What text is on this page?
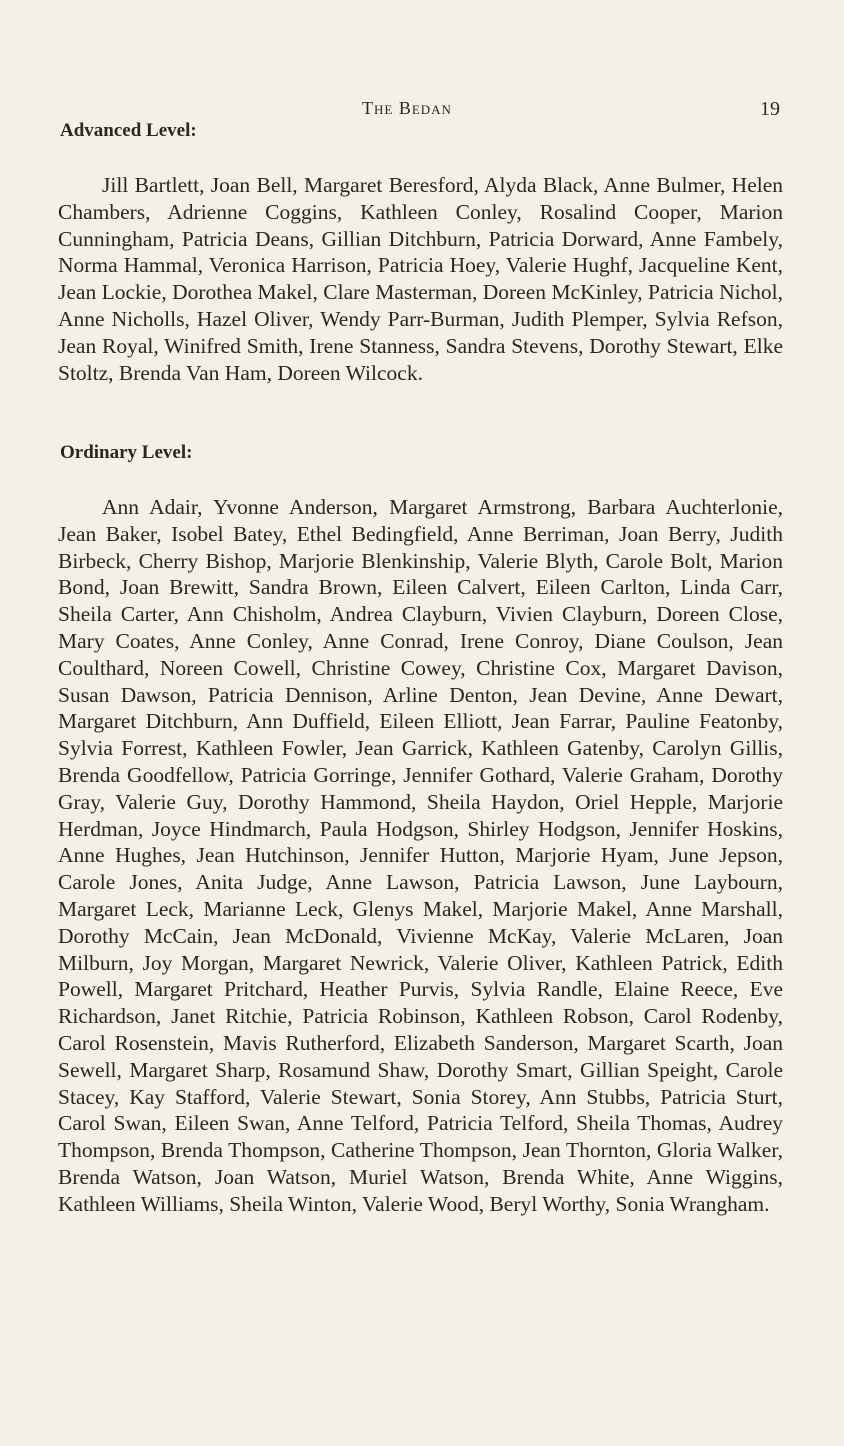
The Bedan	19
Advanced Level:

Jill Bartlett, Joan Bell, Margaret Beresford, Alyda Black, Anne Bulmer, Helen Chambers, Adrienne Coggins, Kathleen Conley, Rosalind Cooper, Marion Cunningham, Patricia Deans, Gillian Ditchburn, Patricia Dorward, Anne Fambely, Norma Hammal, Veronica Harrison, Patricia Hoey, Valerie Hughf, Jacqueline Kent, Jean Lockie, Dorothea Makel, Clare Masterman, Doreen McKinley, Patricia Nichol, Anne Nicholls, Hazel Oliver, Wendy Parr-Burman, Judith Plemper, Sylvia Refson, Jean Royal, Winifred Smith, Irene Stanness, Sandra Stevens, Dorothy Stewart, Elke Stoltz, Brenda Van Ham, Doreen Wilcock.

Ordinary Level:

Ann Adair, Yvonne Anderson, Margaret Armstrong, Barbara Auchterlonie, Jean Baker, Isobel Batey, Ethel Bedingfield, Anne Berriman, Joan Berry, Judith Birbeck, Cherry Bishop, Marjorie Blenkinship, Valerie Blyth, Carole Bolt, Marion Bond, Joan Brewitt, Sandra Brown, Eileen Calvert, Eileen Carlton, Linda Carr, Sheila Carter, Ann Chisholm, Andrea Clayburn, Vivien Clayburn, Doreen Close, Mary Coates, Anne Conley, Anne Conrad, Irene Conroy, Diane Coulson, Jean Coulthard, Noreen Cowell, Christine Cowey, Christine Cox, Margaret Davison, Susan Dawson, Patricia Dennison, Arline Denton, Jean Devine, Anne Dewart, Margaret Ditchburn, Ann Duffield, Eileen Elliott, Jean Farrar, Pauline Featonby, Sylvia Forrest, Kathleen Fowler, Jean Garrick, Kathleen Gatenby, Carolyn Gillis, Brenda Goodfellow, Patricia Gorringe, Jennifer Gothard, Valerie Graham, Dorothy Gray, Valerie Guy, Dorothy Hammond, Sheila Haydon, Oriel Hepple, Marjorie Herdman, Joyce Hindmarch, Paula Hodgson, Shirley Hodgson, Jennifer Hoskins, Anne Hughes, Jean Hutchinson, Jennifer Hutton, Marjorie Hyam, June Jepson, Carole Jones, Anita Judge, Anne Lawson, Patricia Lawson, June Laybourn, Margaret Leck, Marianne Leck, Glenys Makel, Marjorie Makel, Anne Marshall, Dorothy McCain, Jean McDonald, Vivienne McKay, Valerie McLaren, Joan Milburn, Joy Morgan, Margaret Newrick, Valerie Oliver, Kathleen Patrick, Edith Powell, Margaret Pritchard, Heather Purvis, Sylvia Randle, Elaine Reece, Eve Richardson, Janet Ritchie, Patricia Robinson, Kathleen Robson, Carol Rodenby, Carol Rosenstein, Mavis Rutherford, Elizabeth Sanderson, Margaret Scarth, Joan Sewell, Margaret Sharp, Rosamund Shaw, Dorothy Smart, Gillian Speight, Carole Stacey, Kay Stafford, Valerie Stewart, Sonia Storey, Ann Stubbs, Patricia Sturt, Carol Swan, Eileen Swan, Anne Telford, Patricia Telford, Sheila Thomas, Audrey Thompson, Brenda Thompson, Catherine Thompson, Jean Thornton, Gloria Walker, Brenda Watson, Joan Watson, Muriel Watson, Brenda White, Anne Wiggins, Kathleen Williams, Sheila Winton, Valerie Wood, Beryl Worthy, Sonia Wrangham.
